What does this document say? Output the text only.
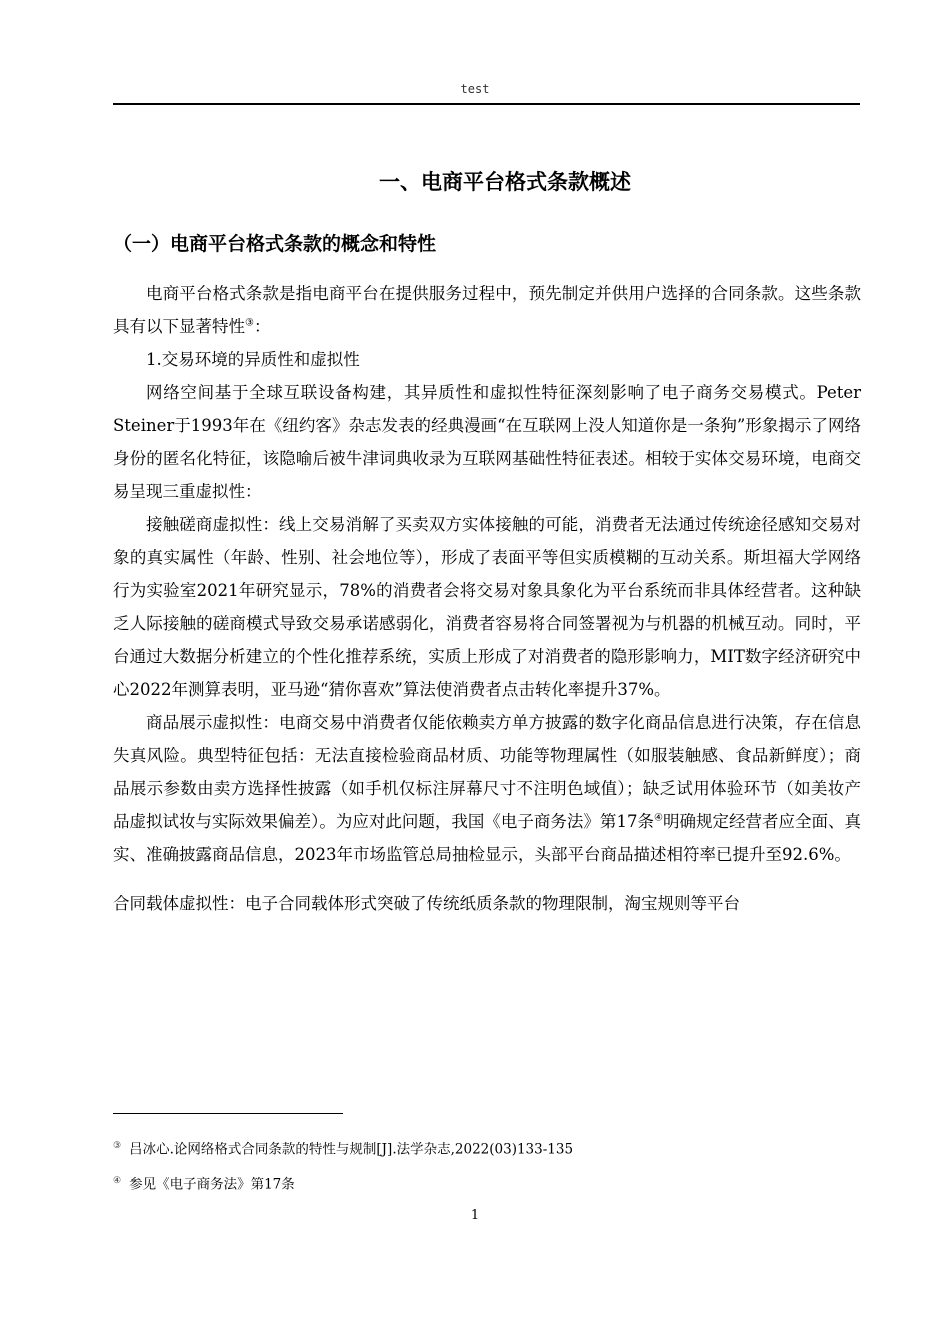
test
一、电商平台格式条款概述
（一）电商平台格式条款的概念和特性

电商平台格式条款是指电商平台在提供服务过程中，预先制定并供用户选择的合同条款。这些条款具有以下显著特性③：

1.交易环境的异质性和虚拟性

网络空间基于全球互联设备构建，其异质性和虚拟性特征深刻影响了电子商务交易模式。Peter Steiner于1993年在《纽约客》杂志发表的经典漫画“在互联网上没人知道你是一条狗”形象揭示了网络身份的匿名化特征，该隐喻后被牛津词典收录为互联网基础性特征表述。相较于实体交易环境，电商交易呈现三重虚拟性：

接触磋商虚拟性：线上交易消解了买卖双方实体接触的可能，消费者无法通过传统途径感知交易对象的真实属性（年龄、性别、社会地位等），形成了表面平等但实质模糊的互动关系。斯坦福大学网络行为实验室2021年研究显示，78%的消费者会将交易对象具象化为平台系统而非具体经营者。这种缺乏人际接触的磋商模式导致交易承诺感弱化，消费者容易将合同签署视为与机器的机械互动。同时，平台通过大数据分析建立的个性化推荐系统，实质上形成了对消费者的隐形影响力，MIT数字经济研究中心2022年测算表明，亚马逊“猜你喜欢”算法使消费者点击转化率提升37%。

商品展示虚拟性：电商交易中消费者仅能依赖卖方单方披露的数字化商品信息进行决策，存在信息失真风险。典型特征包括：无法直接检验商品材质、功能等物理属性（如服装触感、食品新鲜度）；商品展示参数由卖方选择性披露（如手机仅标注屏幕尺寸不注明色域值）；缺乏试用体验环节（如美妆产品虚拟试妆与实际效果偏差）。为应对此问题，我国《电子商务法》第17条④明确规定经营者应全面、真实、准确披露商品信息，2023年市场监管总局抽检显示，头部平台商品描述相符率已提升至92.6%。

合同载体虚拟性：电子合同载体形式突破了传统纸质条款的物理限制，淘宝规则等平台

③ 吕冰心.论网络格式合同条款的特性与规制[J].法学杂志,2022(03)133-135
④ 参见《电子商务法》第17条
1
